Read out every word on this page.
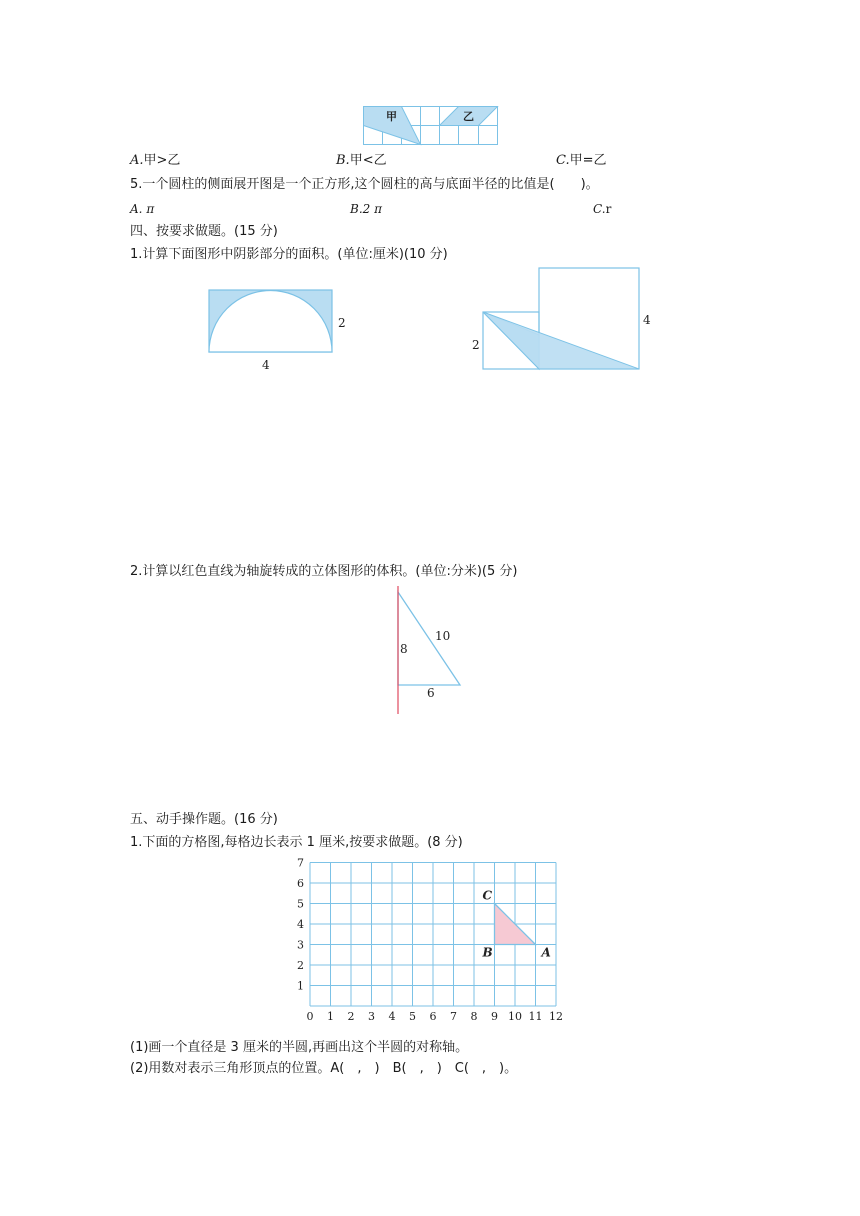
甲	乙
A.甲>乙	B.甲<乙	C.甲=乙
5.一个圆柱的侧面展开图是一个正方形,这个圆柱的高与底面半径的比值是(　　)。
A. π	B.2 π	C.r
四、按要求做题。(15 分)
1.计算下面图形中阴影部分的面积。(单位:厘米)(10 分)
2
4
2
4
2.计算以红色直线为轴旋转成的立体图形的体积。(单位:分米)(5 分)
8
10
6
五、动手操作题。(16 分)
1.下面的方格图,每格边长表示 1 厘米,按要求做题。(8 分)
0 1 2 3 4 5 6 7 8 9 10 11 12
1
2
3
4
5
6
7
A
B
C
(1)画一个直径是 3 厘米的半圆,再画出这个半圆的对称轴。
(2)用数对表示三角形顶点的位置。A(　,　)　B(　,　)　C(　,　)。
